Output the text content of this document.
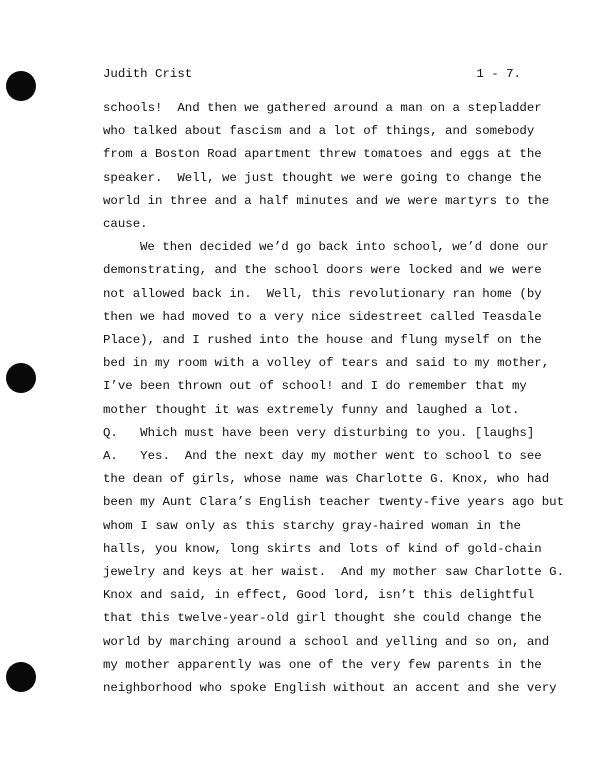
Judith Crist	1 - 7.
schools!  And then we gathered around a man on a stepladder
who talked about fascism and a lot of things, and somebody
from a Boston Road apartment threw tomatoes and eggs at the
speaker.  Well, we just thought we were going to change the
world in three and a half minutes and we were martyrs to the
cause.
We then decided we’d go back into school, we’d done our
demonstrating, and the school doors were locked and we were
not allowed back in.  Well, this revolutionary ran home (by
then we had moved to a very nice sidestreet called Teasdale
Place), and I rushed into the house and flung myself on the
bed in my room with a volley of tears and said to my mother,
I’ve been thrown out of school! and I do remember that my
mother thought it was extremely funny and laughed a lot.
Q.   Which must have been very disturbing to you. [laughs]
A.   Yes.  And the next day my mother went to school to see
the dean of girls, whose name was Charlotte G. Knox, who had
been my Aunt Clara’s English teacher twenty-five years ago but
whom I saw only as this starchy gray-haired woman in the
halls, you know, long skirts and lots of kind of gold-chain
jewelry and keys at her waist.  And my mother saw Charlotte G.
Knox and said, in effect, Good lord, isn’t this delightful
that this twelve-year-old girl thought she could change the
world by marching around a school and yelling and so on, and
my mother apparently was one of the very few parents in the
neighborhood who spoke English without an accent and she very
